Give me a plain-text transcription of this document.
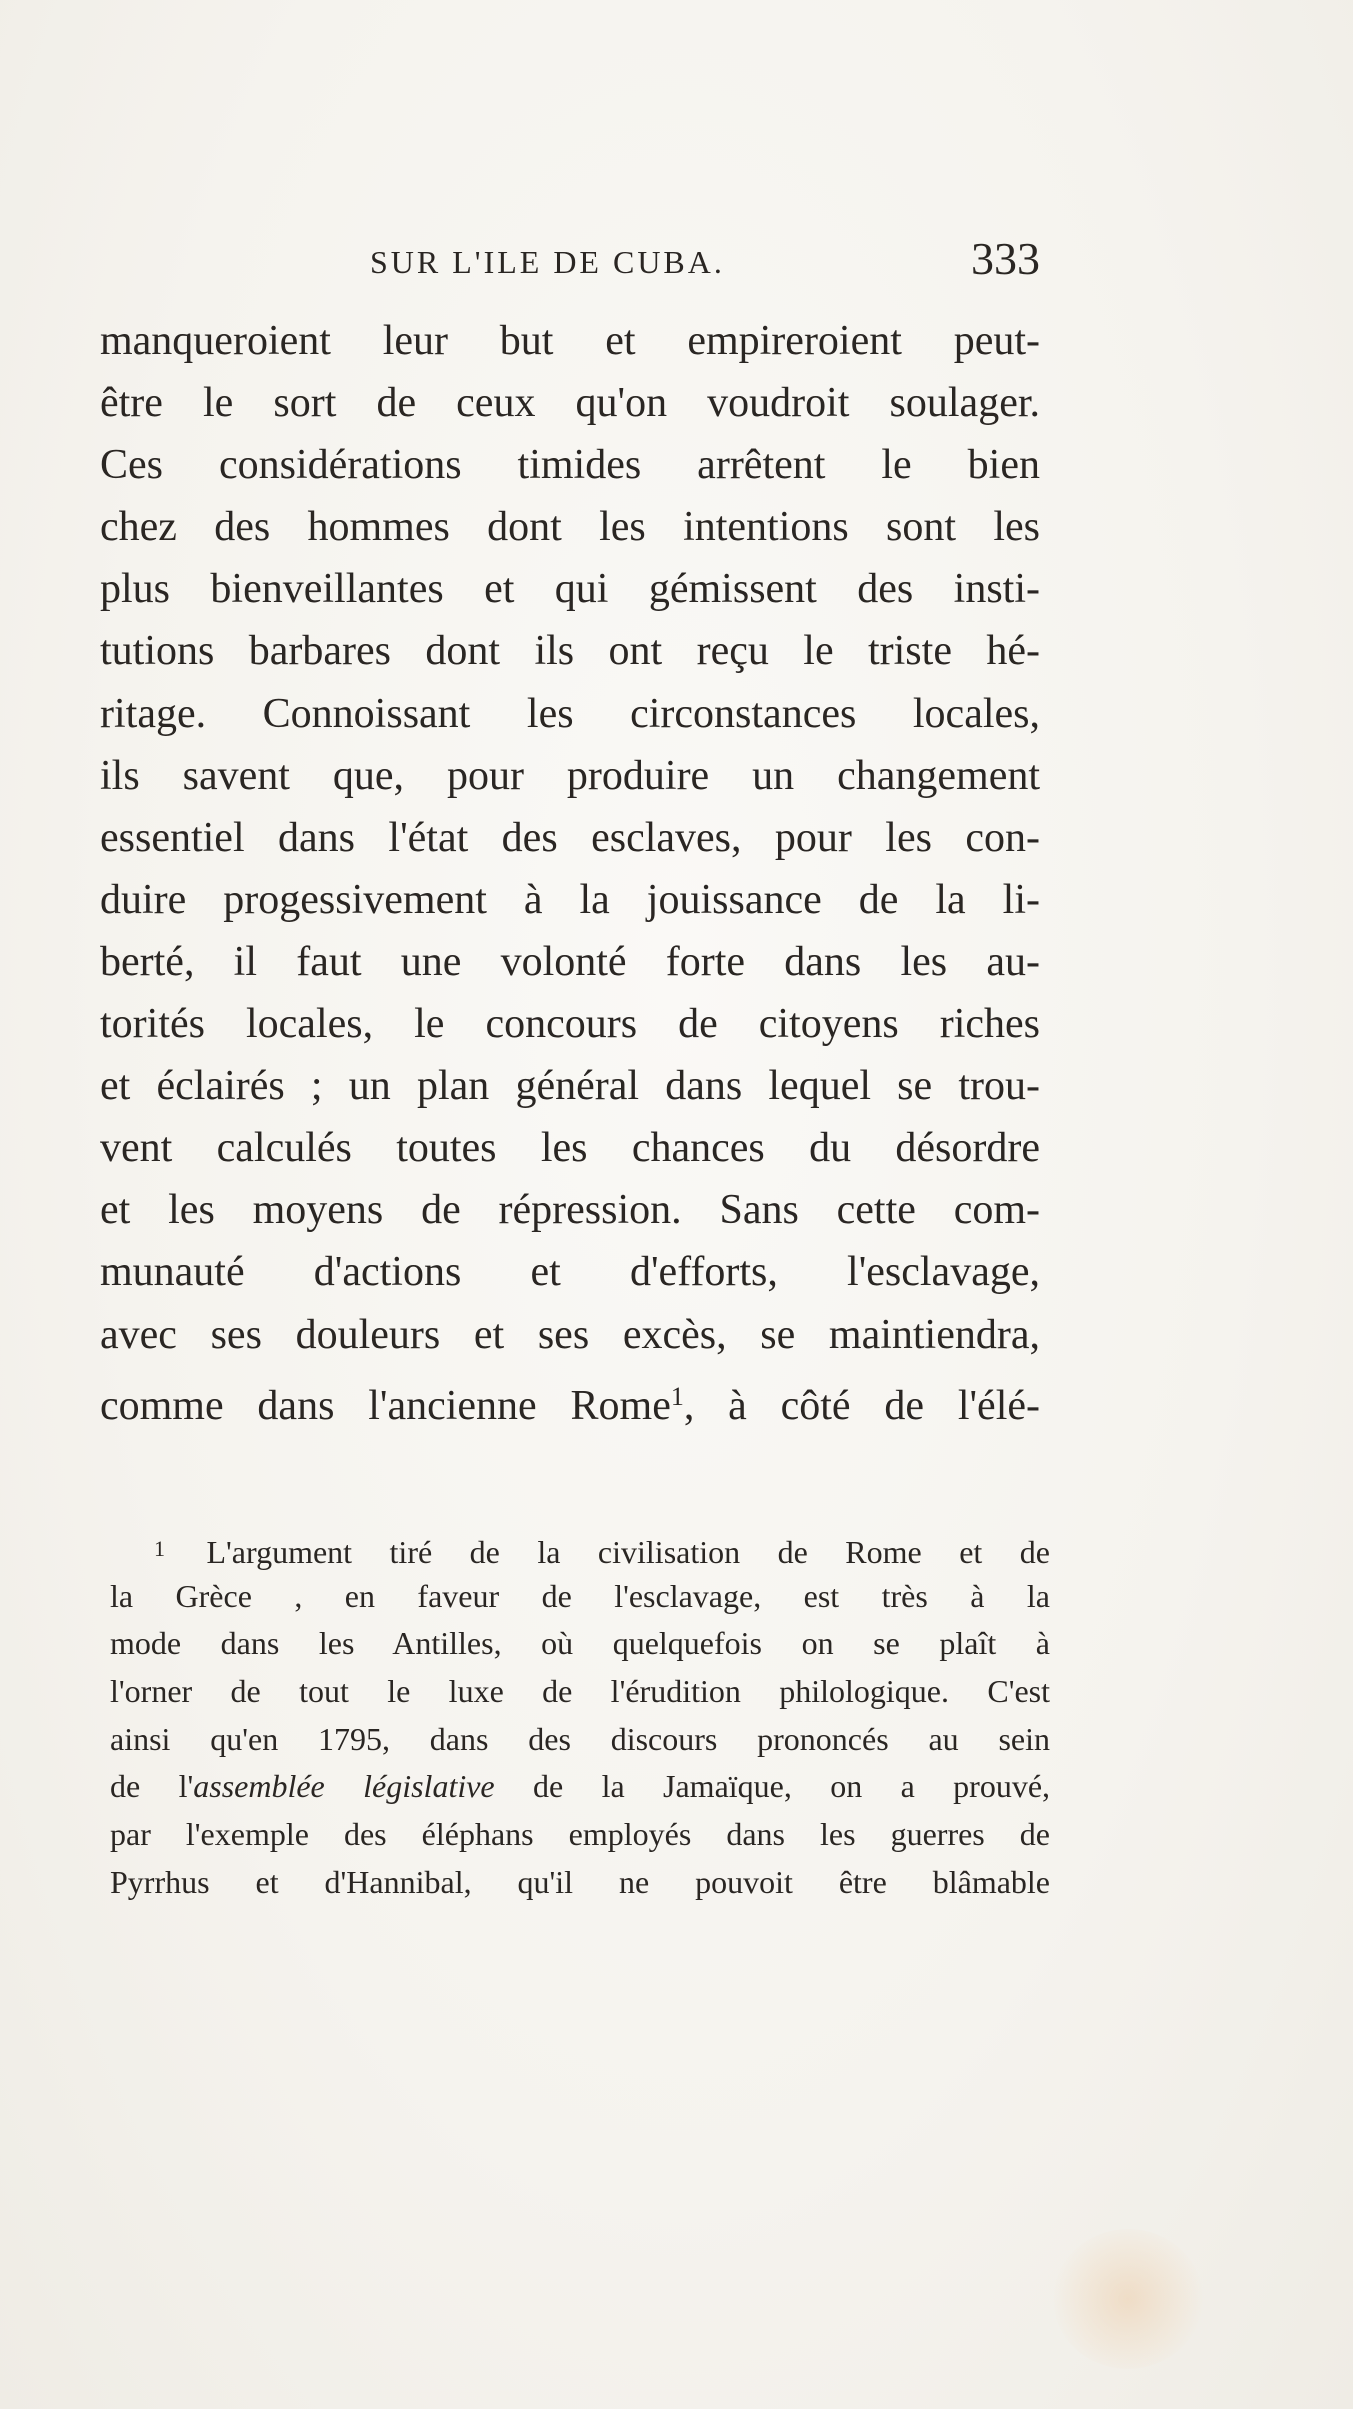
SUR L'ILE DE CUBA.	333
manqueroient leur but et empireroient peut-
être le sort de ceux qu'on voudroit soulager.
Ces considérations timides arrêtent le bien
chez des hommes dont les intentions sont les
plus bienveillantes et qui gémissent des insti-
tutions barbares dont ils ont reçu le triste hé-
ritage. Connoissant les circonstances locales,
ils savent que, pour produire un changement
essentiel dans l'état des esclaves, pour les con-
duire progessivement à la jouissance de la li-
berté, il faut une volonté forte dans les au-
torités locales, le concours de citoyens riches
et éclairés ; un plan général dans lequel se trou-
vent calculés toutes les chances du désordre
et les moyens de répression. Sans cette com-
munauté d'actions et d'efforts, l'esclavage,
avec ses douleurs et ses excès, se maintiendra,
comme dans l'ancienne Rome$^1$, à côté de l'élé-
$^1$ L'argument tiré de la civilisation de Rome et de
la Grèce , en faveur de l'esclavage, est très à la
mode dans les Antilles, où quelquefois on se plaît à
l'orner de tout le luxe de l'érudition philologique. C'est
ainsi qu'en 1795, dans des discours prononcés au sein
de l'assemblée législative de la Jamaïque, on a prouvé,
par l'exemple des éléphans employés dans les guerres de
Pyrrhus et d'Hannibal, qu'il ne pouvoit être blâmable
